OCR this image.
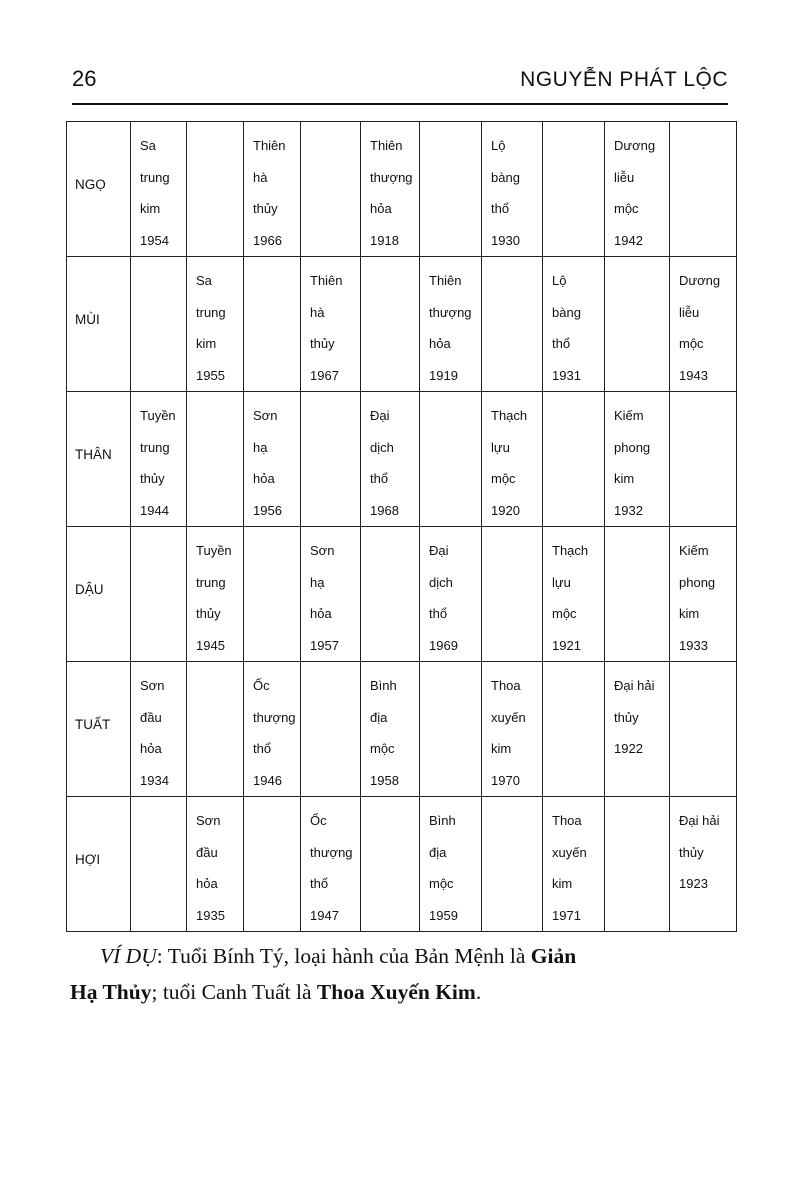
26	NGUYỄN PHÁT LỘC
NGỌ	Sa
trung
kim
1954		Thiên
hà
thủy
1966		Thiên
thượng
hỏa
1918		Lộ
bàng
thổ
1930		Dương
liễu
mộc
1942	

MÙI		Sa
trung
kim
1955		Thiên
hà
thủy
1967		Thiên
thượng
hỏa
1919		Lộ
bàng
thổ
1931		Dương
liễu
mộc
1943

THÂN	Tuyền
trung
thủy
1944		Sơn
hạ
hỏa
1956		Đại
dịch
thổ
1968		Thạch
lựu
mộc
1920		Kiếm
phong
kim
1932	

DẬU		Tuyền
trung
thủy
1945		Sơn
hạ
hỏa
1957		Đại
dịch
thổ
1969		Thạch
lựu
mộc
1921		Kiếm
phong
kim
1933

TUẤT	Sơn
đầu
hỏa
1934		Ốc
thượng
thổ
1946		Bình
địa
mộc
1958		Thoa
xuyến
kim
1970		Đại hải
thủy
1922	

HỢI		Sơn
đầu
hỏa
1935		Ốc
thượng
thổ
1947		Bình
địa
mộc
1959		Thoa
xuyến
kim
1971		Đại hải
thủy
1923
VÍ DỤ: Tuổi Bính Tý, loại hành của Bản Mệnh là Giản
Hạ Thủy; tuổi Canh Tuất là Thoa Xuyến Kim.
